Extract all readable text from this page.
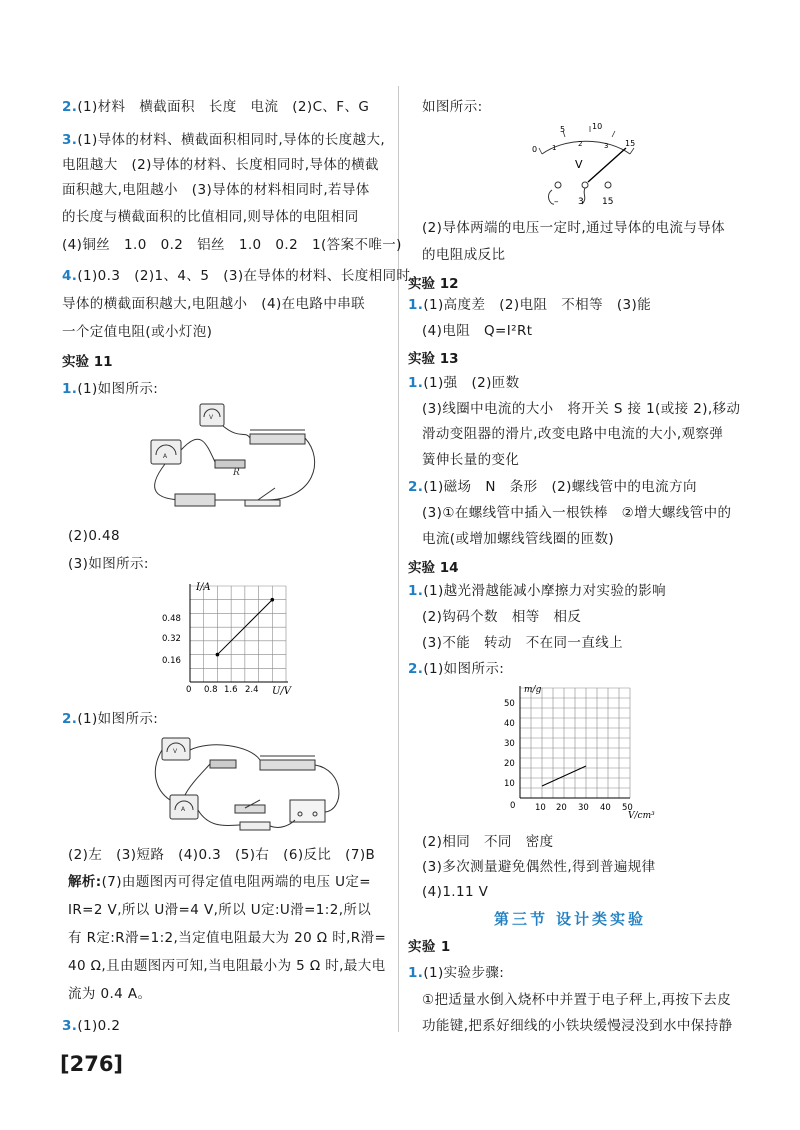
2.(1)材料　横截面积　长度　电流　(2)C、F、G
3.(1)导体的材料、横截面积相同时,导体的长度越大,
电阻越大　(2)导体的材料、长度相同时,导体的横截
面积越大,电阻越小　(3)导体的材料相同时,若导体
的长度与横截面积的比值相同,则导体的电阻相同
(4)铜丝　1.0　0.2　铝丝　1.0　0.2　1(答案不唯一)
4.(1)0.3　(2)1、4、5　(3)在导体的材料、长度相同时,
导体的横截面积越大,电阻越小　(4)在电路中串联
一个定值电阻(或小灯泡)
实验 11
1.(1)如图所示:
R
V
A
(2)0.48
(3)如图所示:
I/A
U/V
0.48
0.32
0.16
0 0.8 1.6 2.4
2.(1)如图所示:
V
A
(2)左　(3)短路　(4)0.3　(5)右　(6)反比　(7)B
解析:(7)由题图丙可得定值电阻两端的电压 U定=
IR=2 V,所以 U滑=4 V,所以 U定:U滑=1:2,所以
有 R定:R滑=1:2,当定值电阻最大为 20 Ω 时,R滑=
40 Ω,且由题图丙可知,当电阻最小为 5 Ω 时,最大电
流为 0.4 A。
3.(1)0.2
[276]
如图所示:
0
5	10
15
1	2	3
V
– 3 15
(2)导体两端的电压一定时,通过导体的电流与导体
的电阻成反比
实验 12
1.(1)高度差　(2)电阻　不相等　(3)能
(4)电阻　Q=I²Rt
实验 13
1.(1)强　(2)匝数
(3)线圈中电流的大小　将开关 S 接 1(或接 2),移动
滑动变阻器的滑片,改变电路中电流的大小,观察弹
簧伸长量的变化
2.(1)磁场　N　条形　(2)螺线管中的电流方向
(3)①在螺线管中插入一根铁棒　②增大螺线管中的
电流(或增加螺线管线圈的匝数)
实验 14
1.(1)越光滑越能减小摩擦力对实验的影响
(2)钩码个数　相等　相反
(3)不能　转动　不在同一直线上
2.(1)如图所示:
m/g
V/cm³
50
40
30
20
10
0 10 20 30 40 50
(2)相同　不同　密度
(3)多次测量避免偶然性,得到普遍规律
(4)1.11 V
实验 1
1.(1)实验步骤:
①把适量水倒入烧杯中并置于电子秤上,再按下去皮
功能键,把系好细线的小铁块缓慢浸没到水中保持静
第三节 设计类实验
